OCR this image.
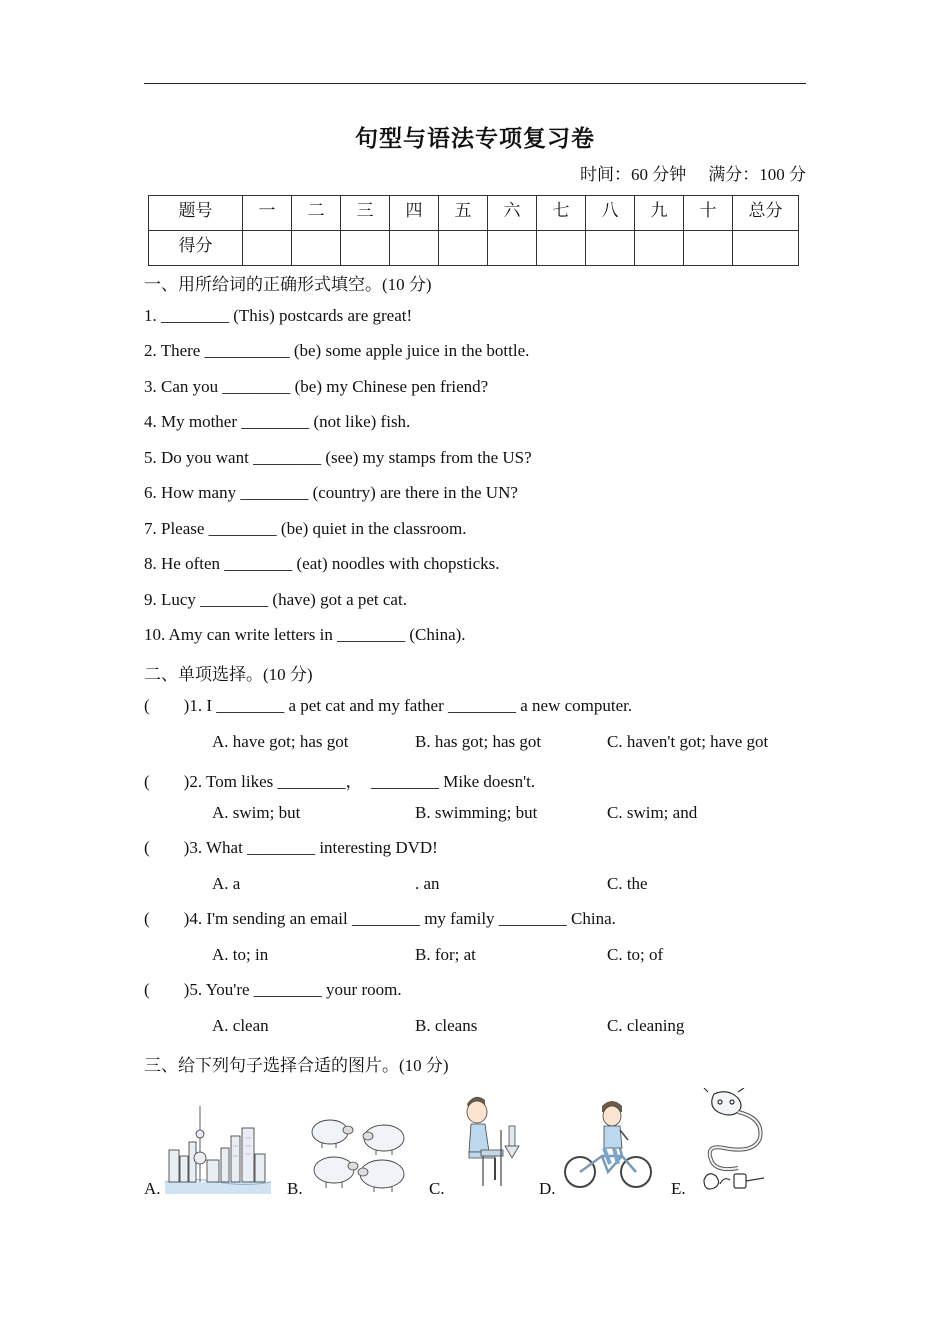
句型与语法专项复习卷
时间：60 分钟 满分：100 分
题号	一	二	三	四	五	六	七	八	九	十	总分
得分											
一、用所给词的正确形式填空。(10 分)
1. ________ (This) postcards are great!
2. There __________ (be) some apple juice in the bottle.
3. Can you ________ (be) my Chinese pen friend?
4. My mother ________ (not like) fish.
5. Do you want ________ (see) my stamps from the US?
6. How many ________ (country) are there in the UN?
7. Please ________ (be) quiet in the classroom.
8. He often ________ (eat) noodles with chopsticks.
9. Lucy ________ (have) got a pet cat.
10. Amy can write letters in ________ (China).
二、单项选择。(10 分)
(        )1. I ________ a pet cat and my father ________ a new computer.
A. have got; has got	B. has got; has got	C. haven't got; have got
(        )2. Tom likes ________，  ________ Mike doesn't.
A. swim; but	B. swimming; but	C. swim; and
(        )3. What ________ interesting DVD!
A. a	. an	C. the
(        )4. I'm sending an email ________ my family ________ China.
A. to; in	B. for; at	C. to; of
(        )5. You're ________ your room.
A. clean	B. cleans	C. cleaning
三、给下列句子选择合适的图片。(10 分)
A.	B.	C.	D.	E.
